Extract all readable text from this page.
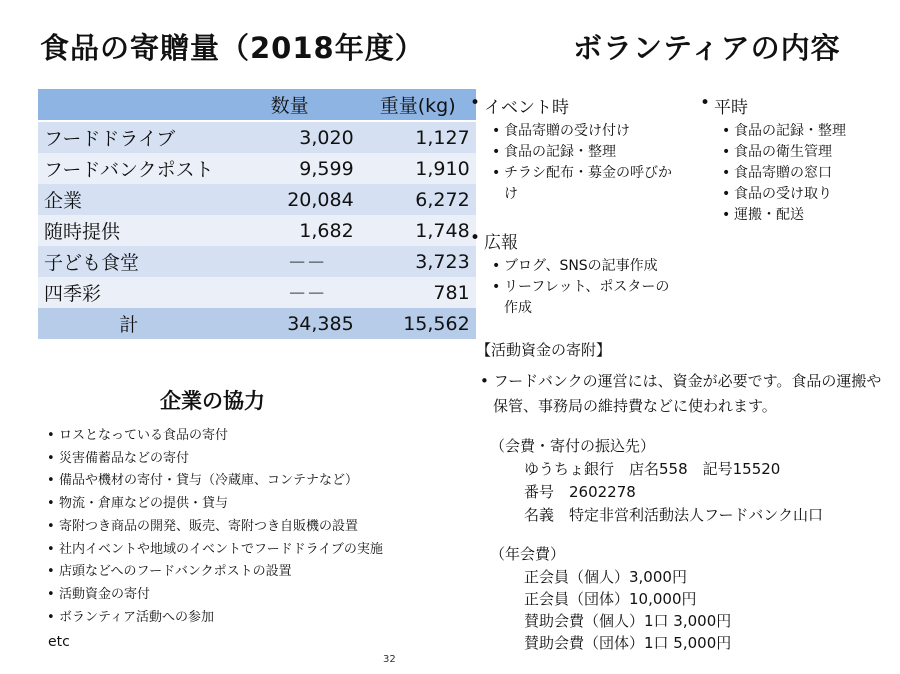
食品の寄贈量（2018年度）
	数量	重量(kg)
フードドライブ	3,020	1,127
フードバンクポスト	9,599	1,910
企業	20,084	6,272
随時提供	1,682	1,748
子ども食堂	－－	3,723
四季彩	－－	781
計	34,385	15,562
企業の協力
• ロスとなっている食品の寄付
• 災害備蓄品などの寄付
• 備品や機材の寄付・貸与（冷蔵庫、コンテナなど）
• 物流・倉庫などの提供・貸与
• 寄附つき商品の開発、販売、寄附つき自販機の設置
• 社内イベントや地域のイベントでフードドライブの実施
• 店頭などへのフードバンクポストの設置
• 活動資金の寄付
• ボランティア活動への参加
etc
ボランティアの内容
• イベント時
• 食品寄贈の受け付け
• 食品の記録・整理
• チラシ配布・募金の呼びかけ
• 平時
• 食品の記録・整理
• 食品の衛生管理
• 食品寄贈の窓口
• 食品の受け取り
• 運搬・配送
• 広報
• ブログ、SNSの記事作成
• リーフレット、ポスターの作成
【活動資金の寄附】
• フードバンクの運営には、資金が必要です。食品の運搬や
保管、事務局の維持費などに使われます。
（会費・寄付の振込先）
ゆうちょ銀行　店名558　記号15520
番号　2602278
名義　特定非営利活動法人フードバンク山口
（年会費）
正会員（個人）3,000円
正会員（団体）10,000円
賛助会費（個人）1口 3,000円
賛助会費（団体）1口 5,000円
32
